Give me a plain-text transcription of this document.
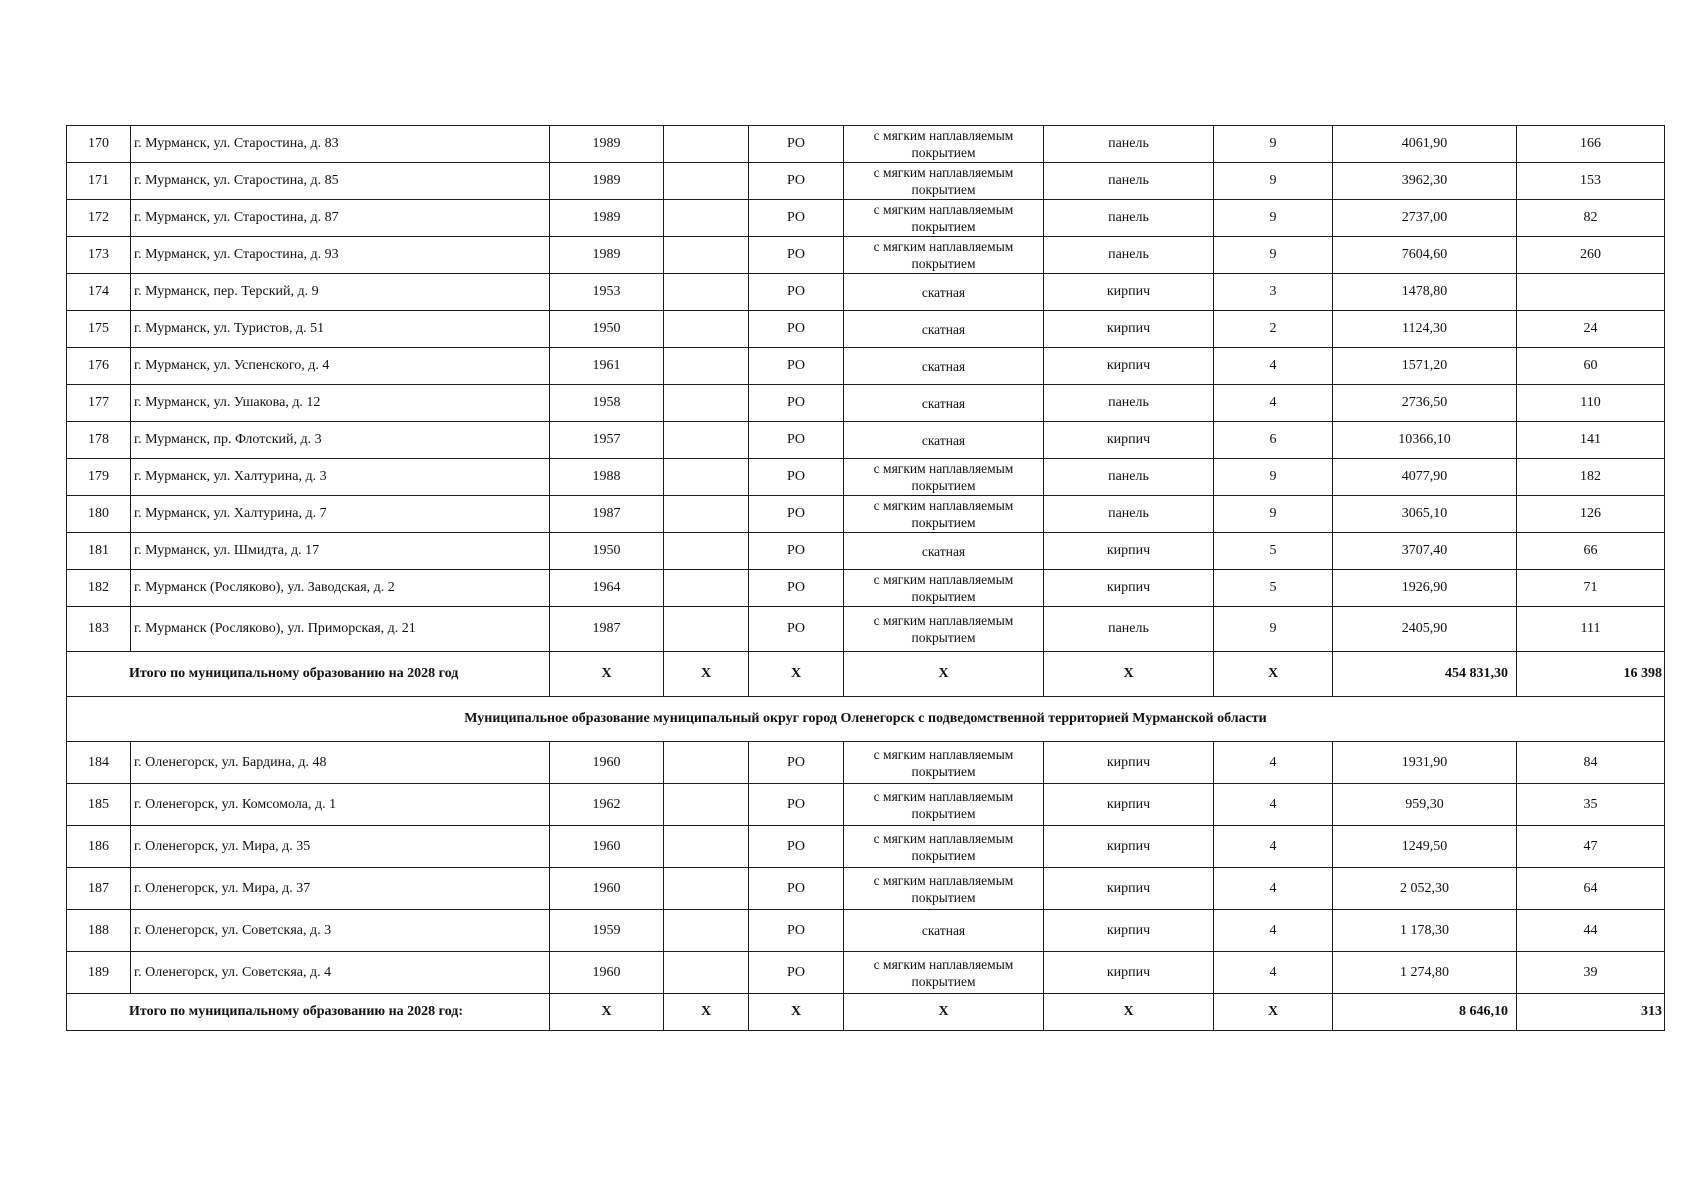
170	г. Мурманск, ул. Старостина, д. 83	1989		РО	с мягким наплавляемым покрытием	панель	9	4061,90	166
171	г. Мурманск, ул. Старостина, д. 85	1989		РО	с мягким наплавляемым покрытием	панель	9	3962,30	153
172	г. Мурманск, ул. Старостина, д. 87	1989		РО	с мягким наплавляемым покрытием	панель	9	2737,00	82
173	г. Мурманск, ул. Старостина, д. 93	1989		РО	с мягким наплавляемым покрытием	панель	9	7604,60	260
174	г. Мурманск, пер. Терский, д. 9	1953		РО	скатная	кирпич	3	1478,80	
175	г. Мурманск, ул. Туристов, д. 51	1950		РО	скатная	кирпич	2	1124,30	24
176	г. Мурманск, ул. Успенского, д. 4	1961		РО	скатная	кирпич	4	1571,20	60
177	г. Мурманск, ул. Ушакова, д. 12	1958		РО	скатная	панель	4	2736,50	110
178	г. Мурманск, пр. Флотский, д. 3	1957		РО	скатная	кирпич	6	10366,10	141
179	г. Мурманск, ул. Халтурина, д. 3	1988		РО	с мягким наплавляемым покрытием	панель	9	4077,90	182
180	г. Мурманск, ул. Халтурина, д. 7	1987		РО	с мягким наплавляемым покрытием	панель	9	3065,10	126
181	г. Мурманск, ул. Шмидта, д. 17	1950		РО	скатная	кирпич	5	3707,40	66
182	г. Мурманск (Росляково), ул. Заводская, д. 2	1964		РО	с мягким наплавляемым покрытием	кирпич	5	1926,90	71
183	г. Мурманск (Росляково), ул. Приморская, д. 21	1987		РО	с мягким наплавляемым покрытием	панель	9	2405,90	111
Итого по муниципальному образованию на 2028 год		X	X	X	X	X	X	454 831,30	16 398
Муниципальное образование муниципальный округ город Оленегорск с подведомственной территорией Мурманской области									
184	г. Оленегорск, ул. Бардина, д. 48	1960		РО	с мягким наплавляемым покрытием	кирпич	4	1931,90	84
185	г. Оленегорск, ул. Комсомола, д. 1	1962		РО	с мягким наплавляемым покрытием	кирпич	4	959,30	35
186	г. Оленегорск, ул. Мира, д. 35	1960		РО	с мягким наплавляемым покрытием	кирпич	4	1249,50	47
187	г. Оленегорск, ул. Мира, д. 37	1960		РО	с мягким наплавляемым покрытием	кирпич	4	2 052,30	64
188	г. Оленегорск, ул. Советскяа, д. 3	1959		РО	скатная	кирпич	4	1 178,30	44
189	г. Оленегорск, ул. Советскяа, д. 4	1960		РО	с мягким наплавляемым покрытием	кирпич	4	1 274,80	39
Итого по муниципальному образованию на 2028 год:		X	X	X	X	X	X	8 646,10	313
